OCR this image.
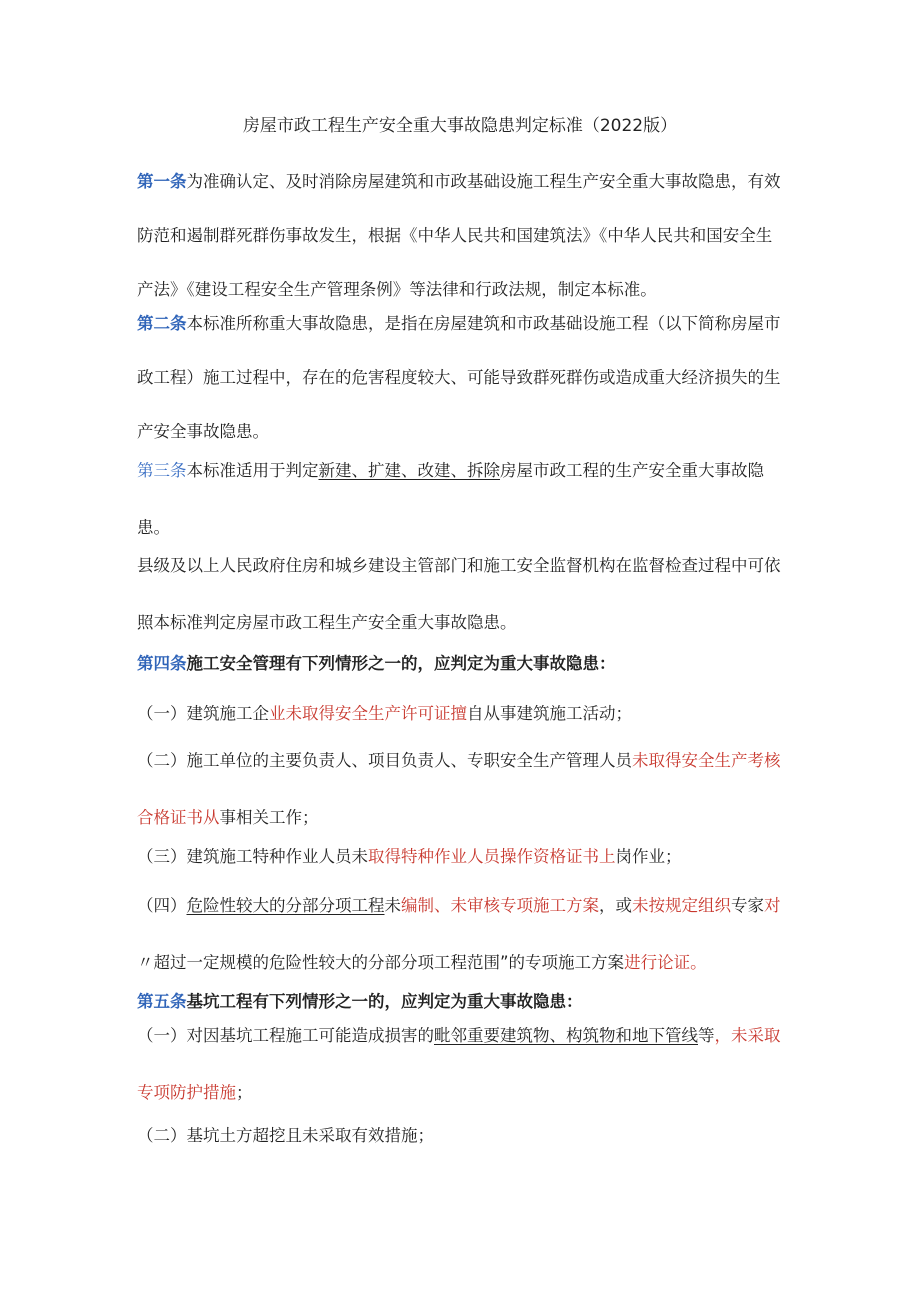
房屋市政工程生产安全重大事故隐患判定标准（2022版）

第一条为准确认定、及时消除房屋建筑和市政基础设施工程生产安全重大事故隐患，有效防范和遏制群死群伤事故发生，根据《中华人民共和国建筑法》《中华人民共和国安全生产法》《建设工程安全生产管理条例》等法律和行政法规，制定本标准。

第二条本标准所称重大事故隐患，是指在房屋建筑和市政基础设施工程（以下简称房屋市政工程）施工过程中，存在的危害程度较大、可能导致群死群伤或造成重大经济损失的生产安全事故隐患。

第三条本标准适用于判定新建、扩建、改建、拆除房屋市政工程的生产安全重大事故隐患。

县级及以上人民政府住房和城乡建设主管部门和施工安全监督机构在监督检查过程中可依照本标准判定房屋市政工程生产安全重大事故隐患。

第四条施工安全管理有下列情形之一的，应判定为重大事故隐患：

（一）建筑施工企业未取得安全生产许可证擅自从事建筑施工活动；

（二）施工单位的主要负责人、项目负责人、专职安全生产管理人员未取得安全生产考核合格证书从事相关工作；

（三）建筑施工特种作业人员未取得特种作业人员操作资格证书上岗作业；

（四）危险性较大的分部分项工程未编制、未审核专项施工方案，或未按规定组织专家对〃超过一定规模的危险性较大的分部分项工程范围”的专项施工方案进行论证。

第五条基坑工程有下列情形之一的，应判定为重大事故隐患：

（一）对因基坑工程施工可能造成损害的毗邻重要建筑物、构筑物和地下管线等，未采取专项防护措施；

（二）基坑土方超挖且未采取有效措施；
